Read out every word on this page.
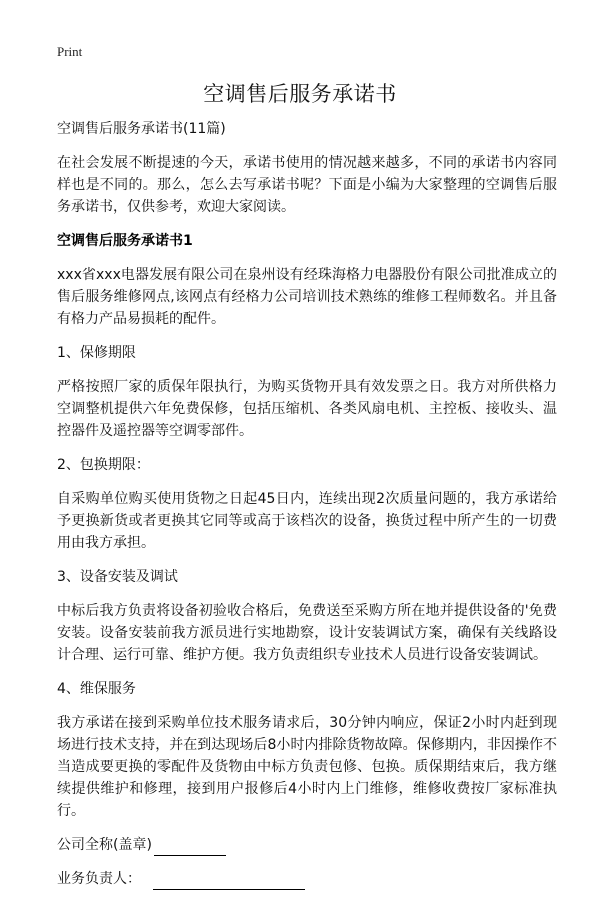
Print
空调售后服务承诺书

空调售后服务承诺书(11篇)

在社会发展不断提速的今天，承诺书使用的情况越来越多，不同的承诺书内容同样也是不同的。那么，怎么去写承诺书呢？下面是小编为大家整理的空调售后服务承诺书，仅供参考，欢迎大家阅读。

空调售后服务承诺书1

xxx省xxx电器发展有限公司在泉州设有经珠海格力电器股份有限公司批准成立的售后服务维修网点,该网点有经格力公司培训技术熟练的维修工程师数名。并且备有格力产品易损耗的配件。

1、保修期限

严格按照厂家的质保年限执行，为购买货物开具有效发票之日。我方对所供格力空调整机提供六年免费保修，包括压缩机、各类风扇电机、主控板、接收头、温控器件及遥控器等空调零部件。

2、包换期限：

自采购单位购买使用货物之日起45日内，连续出现2次质量问题的，我方承诺给予更换新货或者更换其它同等或高于该档次的设备，换货过程中所产生的一切费用由我方承担。

3、设备安装及调试

中标后我方负责将设备初验收合格后，免费送至采购方所在地并提供设备的'免费安装。设备安装前我方派员进行实地勘察，设计安装调试方案，确保有关线路设计合理、运行可靠、维护方便。我方负责组织专业技术人员进行设备安装调试。

4、维保服务

我方承诺在接到采购单位技术服务请求后，30分钟内响应，保证2小时内赶到现场进行技术支持，并在到达现场后8小时内排除货物故障。保修期内，非因操作不当造成要更换的零配件及货物由中标方负责包修、包换。质保期结束后，我方继续提供维护和修理，接到用户报修后4小时内上门维修，维修收费按厂家标准执行。

公司全称(盖章)
业务负责人：
